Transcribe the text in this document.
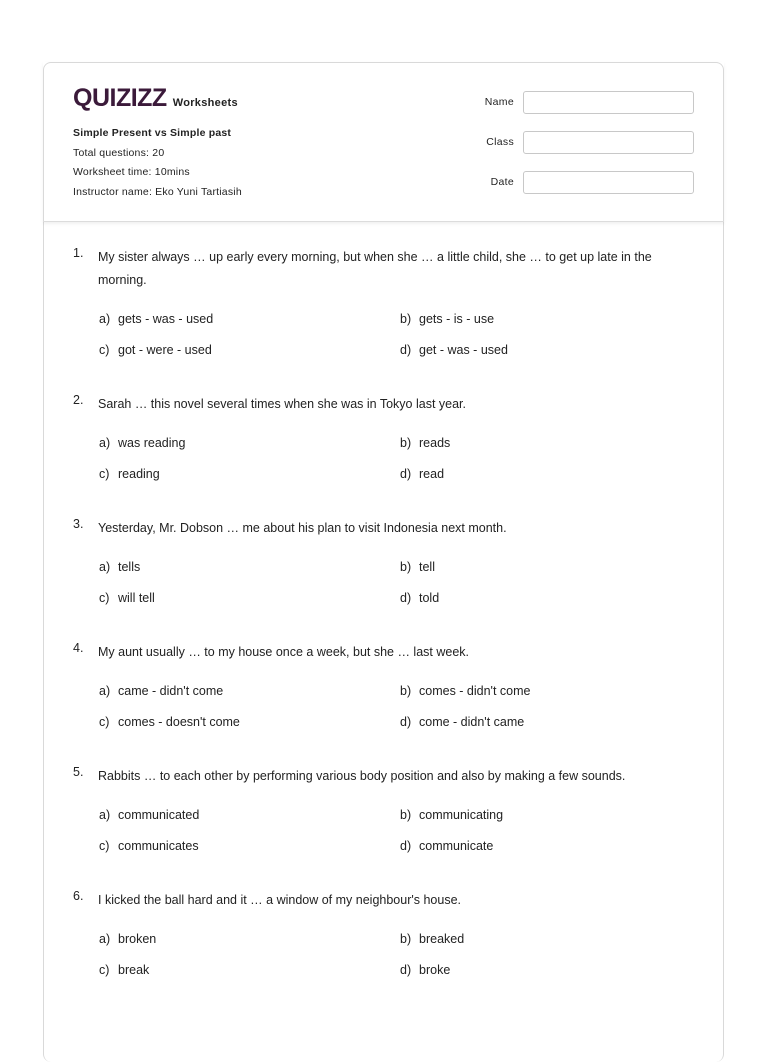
QUIZIZZ Worksheets
Simple Present vs Simple past
Total questions: 20
Worksheet time: 10mins
Instructor name: Eko Yuni Tartiasih
Name
Class
Date
1. My sister always … up early every morning, but when she … a little child, she … to get up late in the morning.
a) gets - was - used	b) gets - is - use
c) got - were - used	d) get - was - used
2. Sarah … this novel several times when she was in Tokyo last year.
a) was reading	b) reads
c) reading	d) read
3. Yesterday, Mr. Dobson … me about his plan to visit Indonesia next month.
a) tells	b) tell
c) will tell	d) told
4. My aunt usually … to my house once a week, but she … last week.
a) came - didn't come	b) comes - didn't come
c) comes - doesn't come	d) come - didn't came
5. Rabbits … to each other by performing various body position and also by making a few sounds.
a) communicated	b) communicating
c) communicates	d) communicate
6. I kicked the ball hard and it … a window of my neighbour's house.
a) broken	b) breaked
c) break	d) broke
